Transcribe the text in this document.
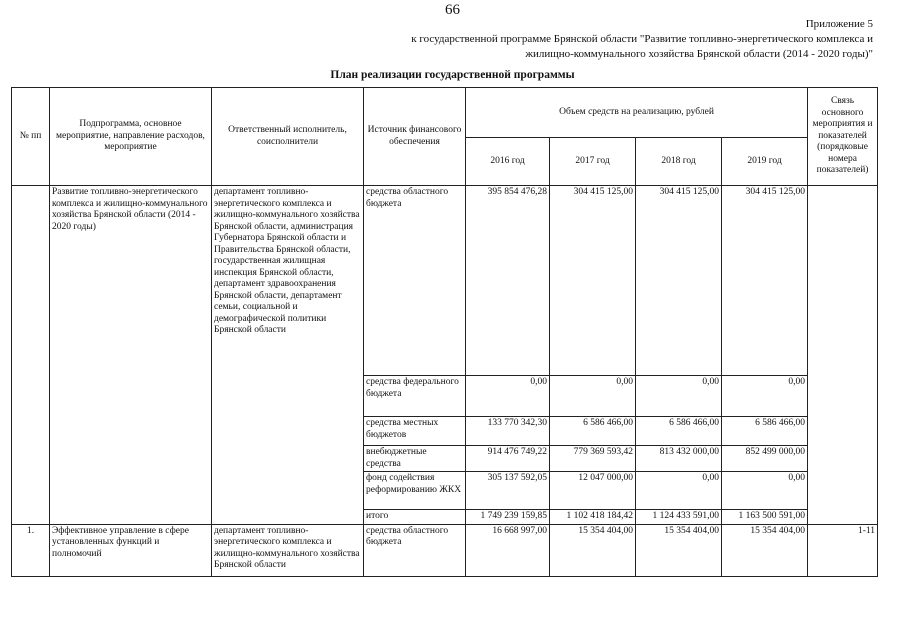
66
Приложение 5
к государственной программе Брянской области "Развитие топливно-энергетического комплекса и
жилищно-коммунального хозяйства Брянской области (2014 - 2020 годы)"
План реализации государственной программы
№ пп	Подпрограмма, основное мероприятие, направление расходов, мероприятие	Ответственный исполнитель, соисполнители	Источник финансового обеспечения	Объем средств на реализацию, рублей				Связь основного мероприятия и показателей (порядковые номера показателей)
				2016 год	2017 год	2018 год	2019 год	
	Развитие топливно-энергетического комплекса и жилищно-коммунального хозяйства Брянской области (2014 - 2020 годы)	департамент топливно-энергетического комплекса и жилищно-коммунального хозяйства Брянской области, администрация Губернатора Брянской области и Правительства Брянской области, государственная жилищная инспекция Брянской области, департамент здравоохранения Брянской области, департамент семьи, социальной и демографической политики Брянской области	средства областного бюджета	395 854 476,28	304 415 125,00	304 415 125,00	304 415 125,00	
			средства федерального бюджета	0,00	0,00	0,00	0,00	
			средства местных бюджетов	133 770 342,30	6 586 466,00	6 586 466,00	6 586 466,00	
			внебюджетные средства	914 476 749,22	779 369 593,42	813 432 000,00	852 499 000,00	
			фонд содействия реформированию ЖКХ	305 137 592,05	12 047 000,00	0,00	0,00	
			итого	1 749 239 159,85	1 102 418 184,42	1 124 433 591,00	1 163 500 591,00	
1.	Эффективное управление в сфере установленных функций и полномочий	департамент топливно-энергетического комплекса и жилищно-коммунального хозяйства Брянской области	средства областного бюджета	16 668 997,00	15 354 404,00	15 354 404,00	15 354 404,00	1-11
